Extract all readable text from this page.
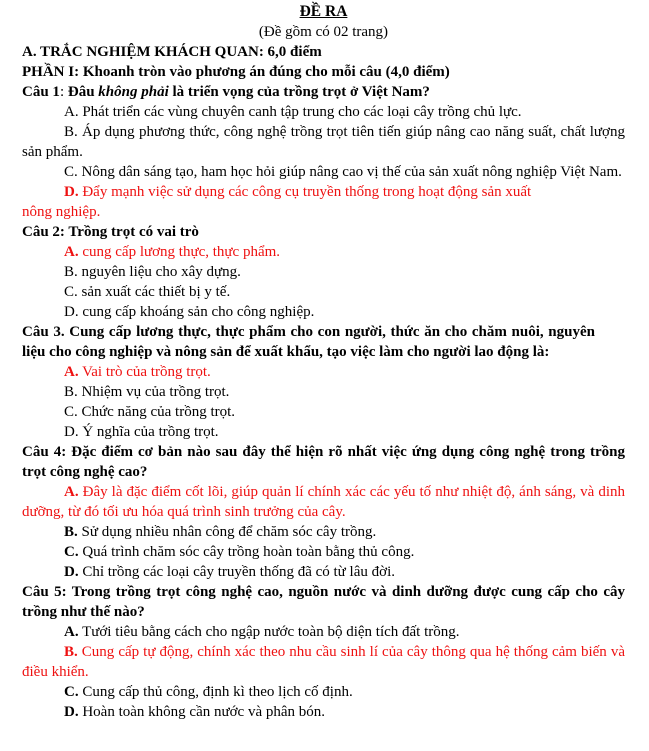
ĐỀ RA
(Đề gồm có 02 trang)
A. TRẮC NGHIỆM KHÁCH QUAN: 6,0 điểm
PHẦN I: Khoanh tròn vào phương án đúng cho mỗi câu (4,0 điểm)
Câu 1: Đâu không phải là triển vọng của trồng trọt ở Việt Nam?
A. Phát triển các vùng chuyên canh tập trung cho các loại cây trồng chủ lực.
B. Áp dụng phương thức, công nghệ trồng trọt tiên tiến giúp nâng cao năng suất, chất lượng sản phẩm.
C. Nông dân sáng tạo, ham học hỏi giúp nâng cao vị thế của sản xuất nông nghiệp Việt Nam.
D. Đẩy mạnh việc sử dụng các công cụ truyền thống trong hoạt động sản xuất nông nghiệp.
Câu 2: Trồng trọt có vai trò
A. cung cấp lương thực, thực phẩm.
B. nguyên liệu cho xây dựng.
C. sản xuất các thiết bị y tế.
D. cung cấp khoáng sản cho công nghiệp.
Câu 3. Cung cấp lương thực, thực phẩm cho con người, thức ăn cho chăm nuôi, nguyên liệu cho công nghiệp và nông sản để xuất khẩu, tạo việc làm cho người lao động là:
A. Vai trò của trồng trọt.
B. Nhiệm vụ của trồng trọt.
C. Chức năng của trồng trọt.
D. Ý nghĩa của trồng trọt.
Câu 4: Đặc điểm cơ bản nào sau đây thể hiện rõ nhất việc ứng dụng công nghệ trong trồng trọt công nghệ cao?
A. Đây là đặc điểm cốt lõi, giúp quản lí chính xác các yếu tố như nhiệt độ, ánh sáng, và dinh dưỡng, từ đó tối ưu hóa quá trình sinh trưởng của cây.
B. Sử dụng nhiều nhân công để chăm sóc cây trồng.
C. Quá trình chăm sóc cây trồng hoàn toàn bằng thủ công.
D. Chỉ trồng các loại cây truyền thống đã có từ lâu đời.
Câu 5: Trong trồng trọt công nghệ cao, nguồn nước và dinh dưỡng được cung cấp cho cây trồng như thế nào?
A. Tưới tiêu bằng cách cho ngập nước toàn bộ diện tích đất trồng.
B. Cung cấp tự động, chính xác theo nhu cầu sinh lí của cây thông qua hệ thống cảm biến và điều khiển.
C. Cung cấp thủ công, định kì theo lịch cố định.
D. Hoàn toàn không cần nước và phân bón.
